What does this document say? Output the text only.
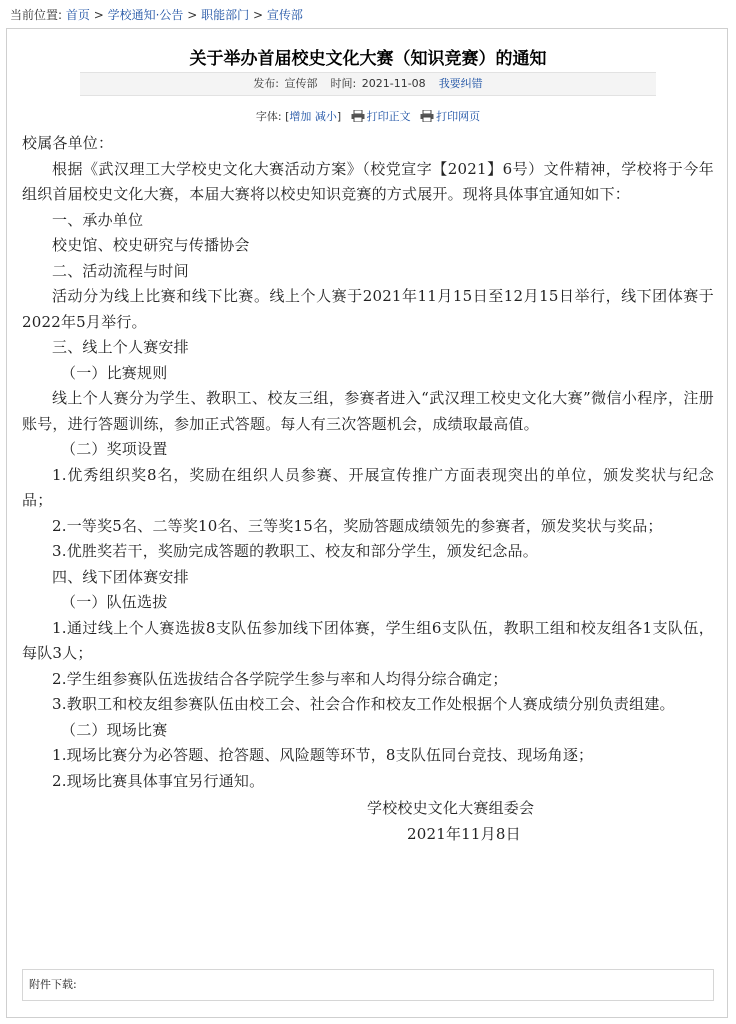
当前位置: 首页 > 学校通知·公告 > 职能部门 > 宣传部
关于举办首届校史文化大赛（知识竞赛）的通知
发布: 宣传部 时间: 2021-11-08 我要纠错
字体: [增加 减小] 打印正文 打印网页

校属各单位：

根据《武汉理工大学校史文化大赛活动方案》（校党宣字【2021】6号）文件精神，学校将于今年组织首届校史文化大赛，本届大赛将以校史知识竞赛的方式展开。现将具体事宜通知如下：

一、承办单位

校史馆、校史研究与传播协会

二、活动流程与时间

活动分为线上比赛和线下比赛。线上个人赛于2021年11月15日至12月15日举行，线下团体赛于2022年5月举行。

三、线上个人赛安排

（一）比赛规则

线上个人赛分为学生、教职工、校友三组，参赛者进入“武汉理工校史文化大赛”微信小程序，注册账号，进行答题训练，参加正式答题。每人有三次答题机会，成绩取最高值。

（二）奖项设置

1.优秀组织奖8名，奖励在组织人员参赛、开展宣传推广方面表现突出的单位，颁发奖状与纪念品；

2.一等奖5名、二等奖10名、三等奖15名，奖励答题成绩领先的参赛者，颁发奖状与奖品；

3.优胜奖若干，奖励完成答题的教职工、校友和部分学生，颁发纪念品。

四、线下团体赛安排

（一）队伍选拔

1.通过线上个人赛选拔8支队伍参加线下团体赛，学生组6支队伍，教职工组和校友组各1支队伍，每队3人；

2.学生组参赛队伍选拔结合各学院学生参与率和人均得分综合确定；

3.教职工和校友组参赛队伍由校工会、社会合作和校友工作处根据个人赛成绩分别负责组建。

（二）现场比赛

1.现场比赛分为必答题、抢答题、风险题等环节，8支队伍同台竞技、现场角逐；

2.现场比赛具体事宜另行通知。

学校校史文化大赛组委会

2021年11月8日

附件下载:
